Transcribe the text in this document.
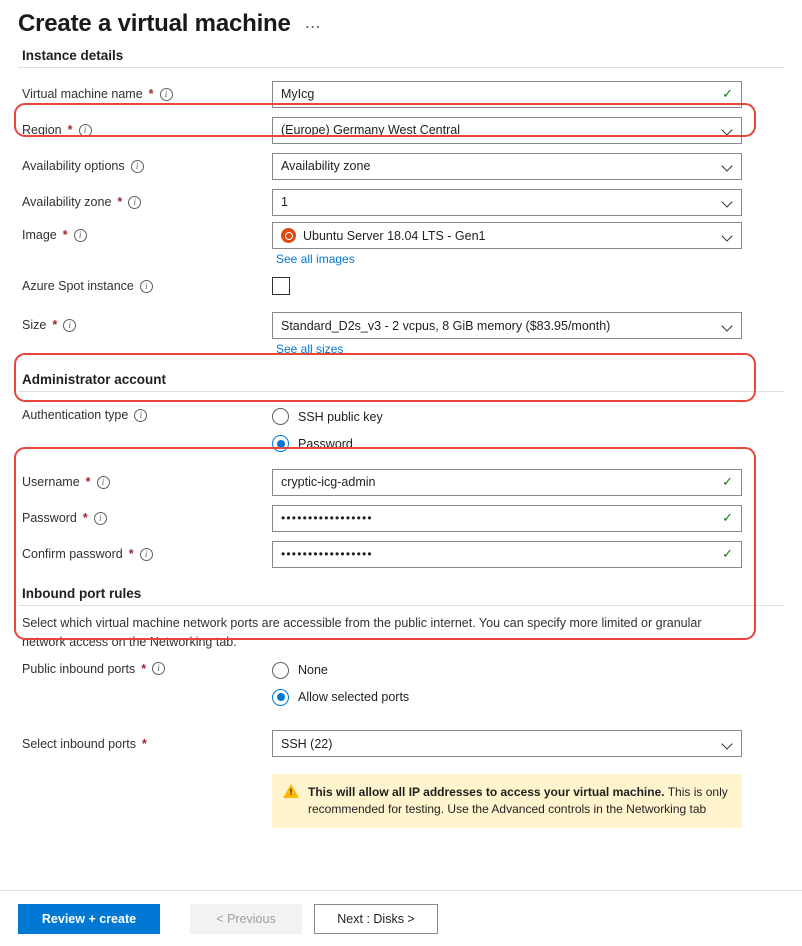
Create a virtual machine ⋯
Instance details
Virtual machine name *	i	MyIcg	✓
Region *	i	(Europe) Germany West Central
Availability options	i	Availability zone
Availability zone *	i	1
Image *	i	Ubuntu Server 18.04 LTS - Gen1
See all images
Azure Spot instance	i
Size *	i	Standard_D2s_v3 - 2 vcpus, 8 GiB memory ($83.95/month)
See all sizes
Administrator account
Authentication type	i	SSH public key
Password
Username *	i	cryptic-icg-admin	✓
Password *	i	•••••••••••••••••	✓
Confirm password *	i	•••••••••••••••••	✓
Inbound port rules
Select which virtual machine network ports are accessible from the public internet. You can specify more limited or granular network access on the Networking tab.
Public inbound ports *	i	None
Allow selected ports
Select inbound ports *	SSH (22)
!
This will allow all IP addresses to access your virtual machine. This is only recommended for testing. Use the Advanced controls in the Networking tab
Review + create	< Previous	Next : Disks >
